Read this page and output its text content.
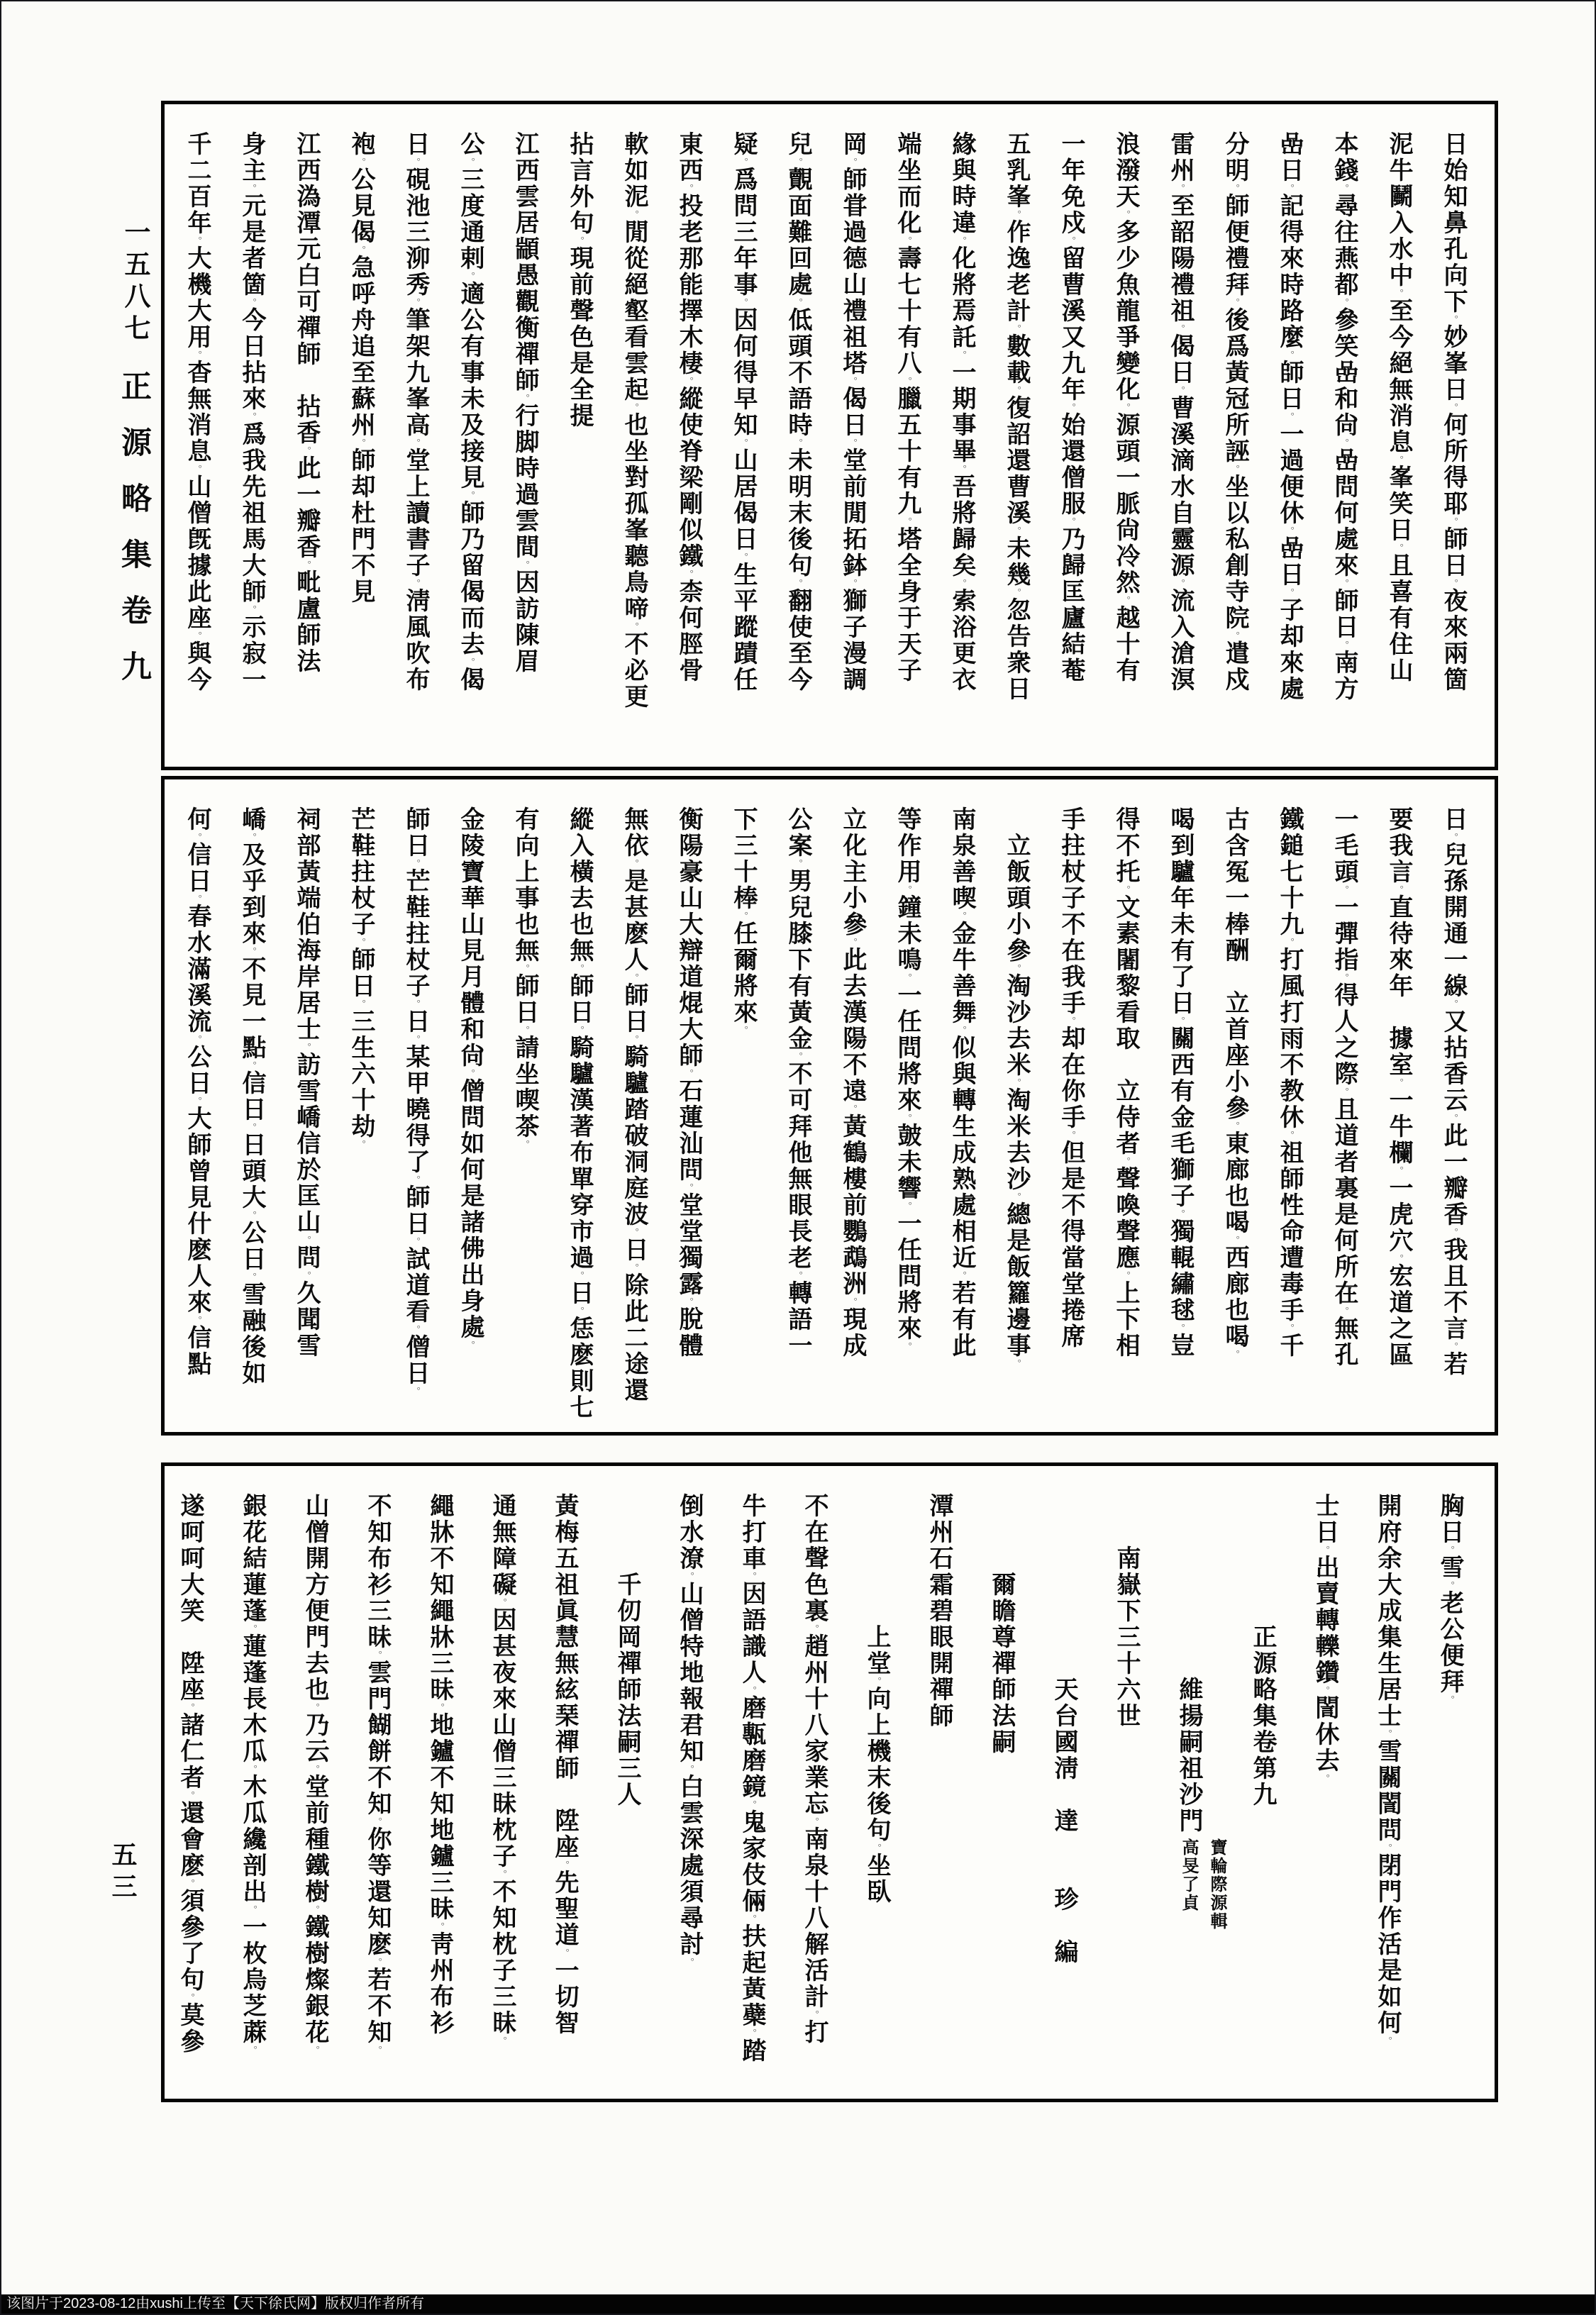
一五八七
正源略集卷九
五三
日始知鼻孔向下。妙峯日。何所得耶。師日。夜來兩箇
泥牛鬭入水中。至今絕無消息。峯笑日。且喜有住山
本錢。尋往燕都。參笑嵒和尙。嵒問何處來。師日。南方
嵒日。記得來時路麼。師日。一過便休。嵒日。子却來處
分明。師便禮拜。後爲黃冠所誣。坐以私創寺院。遣戍
雷州。至韶陽禮祖。偈日。曹溪滴水自靈源。流入滄溟
浪潑天。多少魚龍爭變化。源頭一脈尙冷然。越十有
一年免戍。留曹溪又九年。始還僧服。乃歸匡廬結菴
五乳峯。作逸老計。數載。復詔還曹溪。未幾。忽告衆日
緣與時違。化將焉託。一期事畢。吾將歸矣。索浴更衣
端坐而化。壽七十有八。臘五十有九。塔全身于天子
岡。師甞過德山禮祖塔。偈日。堂前閒拓鉢。獅子漫調
兒。覿面難回處。低頭不語時。未明末後句。翻使至今
疑。爲問三年事。因何得早知。山居偈日。生平蹤蹟任
東西。投老那能擇木棲。縱使脊梁剛似鐵。柰何脛骨
軟如泥。閒從絕壑看雲起。也坐對孤峯聽鳥啼。不必更
拈言外句。現前聲色是全提
江西雲居顓愚觀衡禪師。行脚時過雲間。因訪陳眉
公。三度通剌。適公有事未及接見。師乃留偈而去。偈
日。硯池三泖秀。筆架九峯高。堂上讀書子。淸風吹布
袍。公見偈。急呼舟追至蘇州。師却杜門不見
江西溈潭元白可禪師　拈香。此一瓣香。毗盧師法
身主。元是者箇。今日拈來。爲我先祖馬大師。示寂一
千二百年。大機大用。杳無消息。山僧旣據此座。與今
日。兒孫開通一線。又拈香云。此一瓣香。我且不言。若
要我言。直待來年　據室。一牛欄。一虎穴。宏道之區
一毛頭。一彈指。得人之際。且道者裏是何所在。無孔
鐵鎚七十九。打風打雨不教休。祖師性命遭毒手。千
古含冤一棒酬　立首座小參。東廊也喝。西廊也喝。
喝到驢年未有了日。關西有金毛獅子。獨輥繡毬。豈
得不托。文素闍黎看取　立侍者。聲喚聲應。上下相
手拄杖子不在我手。却在你手。但是不得當堂捲席
　立飯頭小參。淘沙去米。淘米去沙。總是飯籮邊事。
南泉善喫。金牛善舞。似與轉生成熟處相近。若有此
等作用。鐘未鳴。一任問將來。皷未響。一任問將來。
立化主小參。此去漢陽不遠。黃鶴樓前鸚鵡洲。現成
公案。男兒膝下有黃金。不可拜他無眼長老。轉語一
下三十棒。任爾將來。
衡陽豪山大辯道焜大師。石蓮汕問。堂堂獨露。脫體
無依。是甚麽人。師日。騎驢踏破洞庭波。日。除此二途還
縱入橫去也無。師日。騎驢漢著布單穿市過。日。恁麽則七
有向上事也無。師日。請坐喫茶。
金陵寶華山見月體和尙。僧問如何是諸佛出身處。
師日。芒鞋拄杖子。日。某甲曉得了。師日。試道看。僧日。
芒鞋拄杖子。師日。三生六十劫。
祠部黃端伯海岸居士。訪雪嶠信於匡山。問。久聞雪
嶠。及乎到來。不見一點。信日。日頭大。公日。雪融後如
何。信日。春水滿溪流。公日。大師曾見什麽人來。信點
胸日。雪。老公便拜。
開府余大成集生居士。雪關誾問。閉門作活是如何。
士日。出賣轉轢鑽。誾休去。
　　　　　正源略集卷第九
　　　　　　　維揚嗣祖沙門
寶輪際源輯
高旻了貞
　　南嶽下三十六世
　　　　　　　天台國淸　達　　珍　編
　　　爾瞻尊禪師法嗣
潭州石霜碧眼開禪師
　　　　　上堂。向上機末後句。坐臥
不在聲色裏。趙州十八家業忘。南泉十八解活計。打
牛打車。因語識人。磨甎磨鏡。鬼家伎倆。扶起黃蘗。踏
倒水潦。山僧特地報君知。白雲深處須尋討。
　　　千仞岡禪師法嗣三人
黃梅五祖眞慧無絃琹禪師　陞座。先聖道。一切智
通無障礙。因甚夜來山僧三昧枕子。不知枕子三昧。
繩牀不知繩牀三昧。地鑪不知地鑪三昧。靑州布衫
不知布衫三昧。雲門餬餅不知。你等還知麽。若不知。
山僧開方便門去也。乃云。堂前種鐵樹。鐵樹燦銀花。
銀花結蓮蓬。蓮蓬長木瓜。木瓜纔剖出。一枚烏芝蔴。
遂呵呵大笑　陞座。諸仁者。還會麽。須參了句。莫參
该图片于2023-08-12由xushi上传至【天下徐氏网】版权归作者所有
